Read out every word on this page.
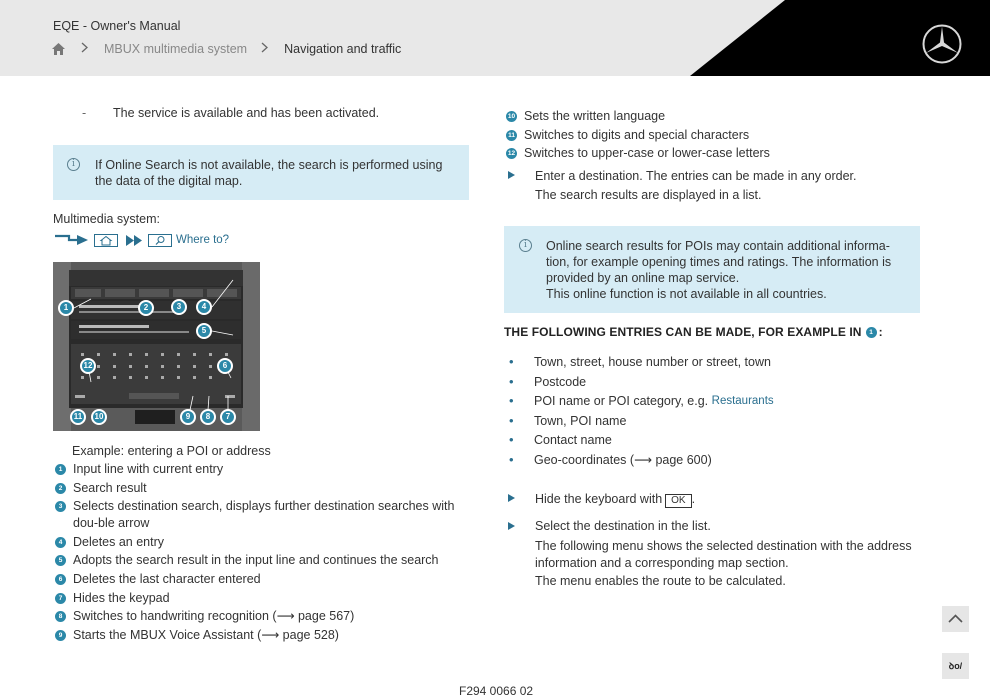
EQE - Owner's Manual
MBUX multimedia system	Navigation and traffic
- The service is available and has been activated.
i	If Online Search is not available, the search is performed using
the data of the digital map.
Multimedia system:
Where to?
1	2	3	4
5
6
7
8
9
10
11
12
Example: entering a POI or address
1 Input line with current entry
2 Search result
3 Selects destination search, displays further destination searches with dou-ble arrow
4 Deletes an entry
5 Adopts the search result in the input line and continues the search
6 Deletes the last character entered
7 Hides the keypad
8 Switches to handwriting recognition (⟶ page 567)
9 Starts the MBUX Voice Assistant (⟶ page 528)
10 Sets the written language
11 Switches to digits and special characters
12 Switches to upper-case or lower-case letters
Enter a destination. The entries can be made in any order.
The search results are displayed in a list.
i	Online search results for POIs may contain additional informa-
tion, for example opening times and ratings. The information is
provided by an online map service.
This online function is not available in all countries.
THE FOLLOWING ENTRIES CAN BE MADE, FOR EXAMPLE IN	1 :
•	Town, street, house number or street, town
•	Postcode
•	POI name or POI category, e.g.
Restaurants
•	Town, POI name
•	Contact name
•	Geo-coordinates (⟶ page 600)
Hide the keyboard with OK .
Select the destination in the list.
The following menu shows the selected destination with the address
information and a corresponding map section.
The menu enables the route to be calculated.
ꝺo/
F294 0066 02
